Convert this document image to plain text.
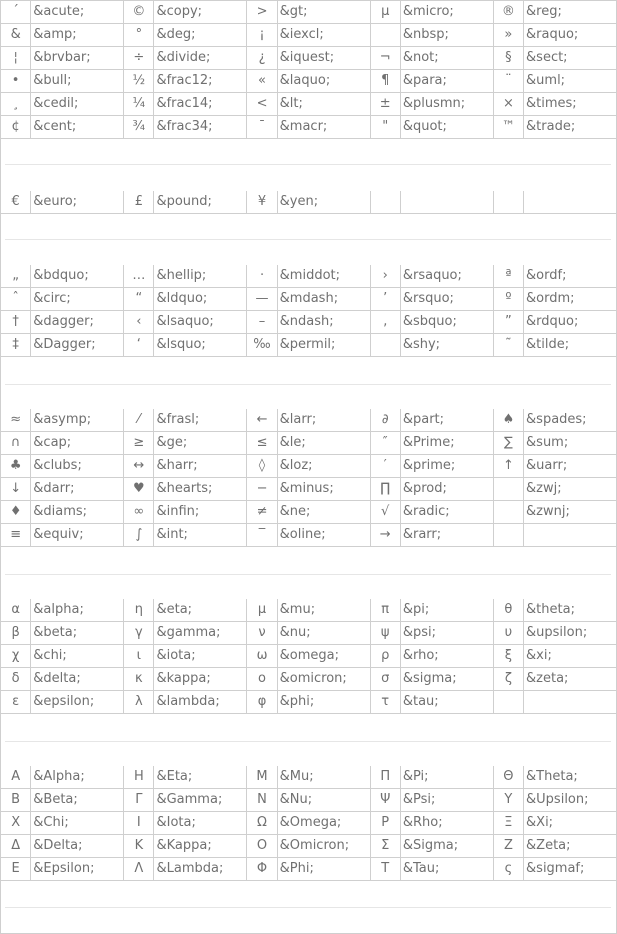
´	&acute;	©	&copy;	>	&gt;	µ	&micro;	®	&reg;
&	&amp;	°	&deg;	¡	&iexcl;		&nbsp;	»	&raquo;
¦	&brvbar;	÷	&divide;	¿	&iquest;	¬	&not;	§	&sect;
•	&bull;	½	&frac12;	«	&laquo;	¶	&para;	¨	&uml;
¸	&cedil;	¼	&frac14;	<	&lt;	±	&plusmn;	×	&times;
¢	&cent;	¾	&frac34;	¯	&macr;	"	&quot;	™	&trade;
€	&euro;	£	&pound;	¥	&yen;				
„	&bdquo;	…	&hellip;	·	&middot;	›	&rsaquo;	ª	&ordf;
ˆ	&circ;	“	&ldquo;	—	&mdash;	’	&rsquo;	º	&ordm;
†	&dagger;	‹	&lsaquo;	–	&ndash;	‚	&sbquo;	”	&rdquo;
‡	&Dagger;	‘	&lsquo;	‰	&permil;		&shy;	˜	&tilde;
≈	&asymp;	⁄	&frasl;	←	&larr;	∂	&part;	♠	&spades;
∩	&cap;	≥	&ge;	≤	&le;	″	&Prime;	∑	&sum;
♣	&clubs;	↔	&harr;	◊	&loz;	′	&prime;	↑	&uarr;
↓	&darr;	♥	&hearts;	−	&minus;	∏	&prod;		&zwj;
♦	&diams;	∞	&infin;	≠	&ne;	√	&radic;		&zwnj;
≡	&equiv;	∫	&int;	‾	&oline;	→	&rarr;		
α	&alpha;	η	&eta;	μ	&mu;	π	&pi;	θ	&theta;
β	&beta;	γ	&gamma;	ν	&nu;	ψ	&psi;	υ	&upsilon;
χ	&chi;	ι	&iota;	ω	&omega;	ρ	&rho;	ξ	&xi;
δ	&delta;	κ	&kappa;	ο	&omicron;	σ	&sigma;	ζ	&zeta;
ε	&epsilon;	λ	&lambda;	φ	&phi;	τ	&tau;		
Α	&Alpha;	Η	&Eta;	Μ	&Mu;	Π	&Pi;	Θ	&Theta;
Β	&Beta;	Γ	&Gamma;	Ν	&Nu;	Ψ	&Psi;	Υ	&Upsilon;
Χ	&Chi;	Ι	&Iota;	Ω	&Omega;	Ρ	&Rho;	Ξ	&Xi;
Δ	&Delta;	Κ	&Kappa;	Ο	&Omicron;	Σ	&Sigma;	Ζ	&Zeta;
Ε	&Epsilon;	Λ	&Lambda;	Φ	&Phi;	Τ	&Tau;	ς	&sigmaf;
